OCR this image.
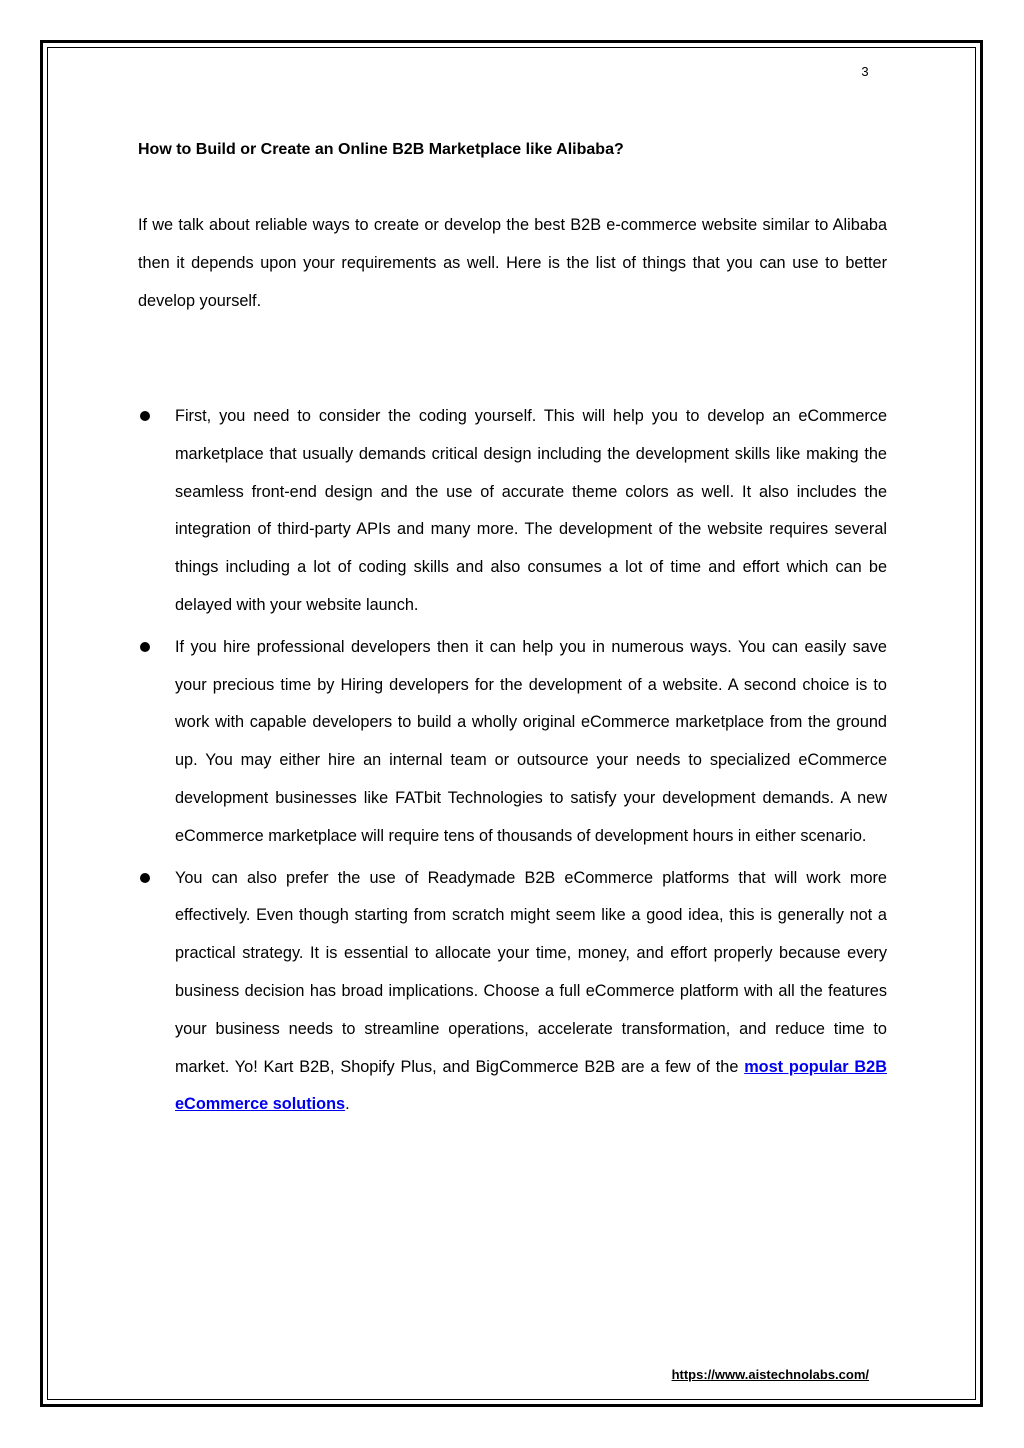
3
How to Build or Create an Online B2B Marketplace like Alibaba?

If we talk about reliable ways to create or develop the best B2B e-commerce website similar to Alibaba then it depends upon your requirements as well. Here is the list of things that you can use to better develop yourself.

First, you need to consider the coding yourself. This will help you to develop an eCommerce marketplace that usually demands critical design including the development skills like making the seamless front-end design and the use of accurate theme colors as well. It also includes the integration of third-party APIs and many more. The development of the website requires several things including a lot of coding skills and also consumes a lot of time and effort which can be delayed with your website launch.
If you hire professional developers then it can help you in numerous ways. You can easily save your precious time by Hiring developers for the development of a website. A second choice is to work with capable developers to build a wholly original eCommerce marketplace from the ground up. You may either hire an internal team or outsource your needs to specialized eCommerce development businesses like FATbit Technologies to satisfy your development demands. A new eCommerce marketplace will require tens of thousands of development hours in either scenario.
You can also prefer the use of Readymade B2B eCommerce platforms that will work more effectively. Even though starting from scratch might seem like a good idea, this is generally not a practical strategy. It is essential to allocate your time, money, and effort properly because every business decision has broad implications. Choose a full eCommerce platform with all the features your business needs to streamline operations, accelerate transformation, and reduce time to market. Yo! Kart B2B, Shopify Plus, and BigCommerce B2B are a few of the most popular B2B eCommerce solutions.
https://www.aistechnolabs.com/
